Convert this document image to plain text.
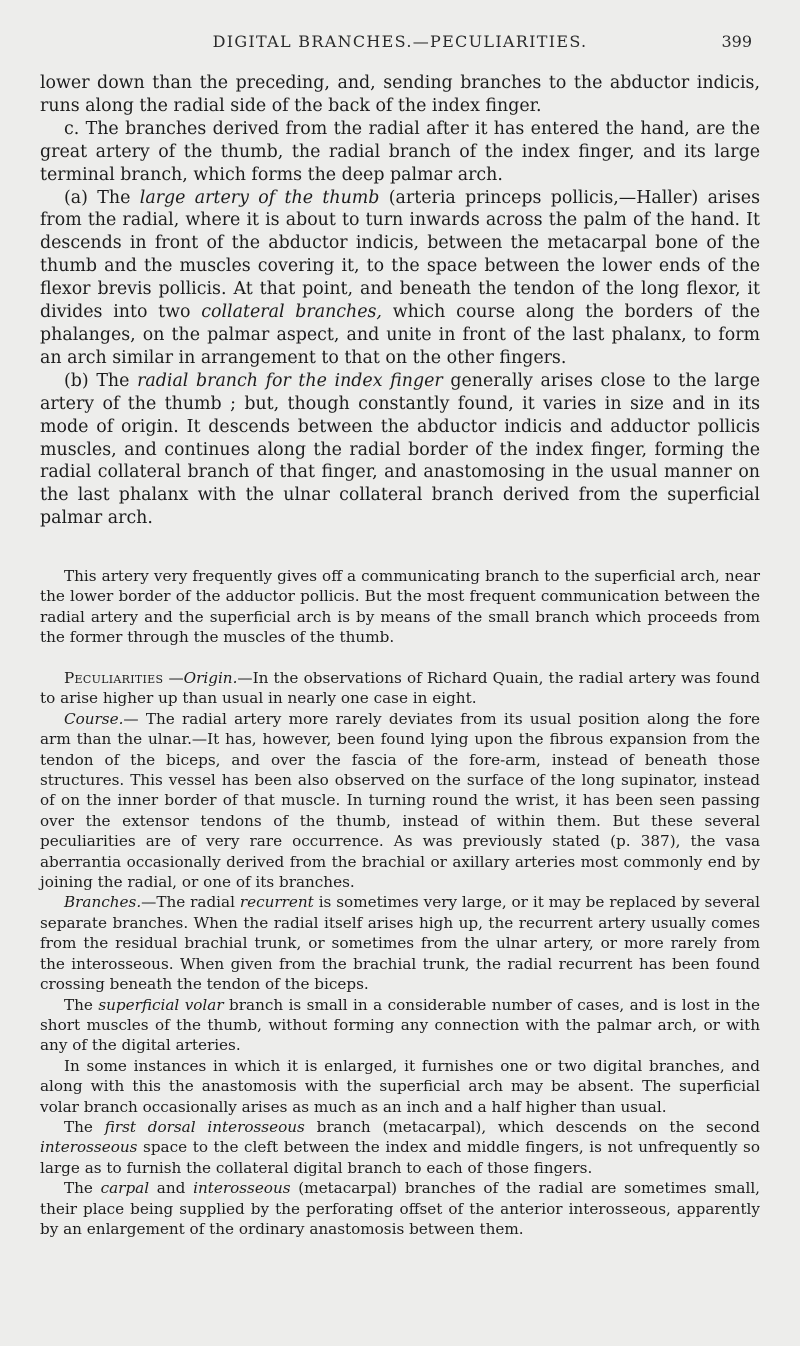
DIGITAL BRANCHES.—PECULIARITIES.	399

lower down than the preceding, and, sending branches to the abductor indicis, runs along the radial side of the back of the index finger.

c. The branches derived from the radial after it has entered the hand, are the great artery of the thumb, the radial branch of the index finger, and its large terminal branch, which forms the deep palmar arch.

(a) The large artery of the thumb (arteria princeps pollicis,—Haller) arises from the radial, where it is about to turn inwards across the palm of the hand. It descends in front of the abductor indicis, between the metacarpal bone of the thumb and the muscles covering it, to the space between the lower ends of the flexor brevis pollicis. At that point, and beneath the tendon of the long flexor, it divides into two collateral branches, which course along the borders of the phalanges, on the palmar aspect, and unite in front of the last phalanx, to form an arch similar in arrangement to that on the other fingers.

(b) The radial branch for the index finger generally arises close to the large artery of the thumb ; but, though constantly found, it varies in size and in its mode of origin. It descends between the abductor indicis and adductor pollicis muscles, and continues along the radial border of the index finger, forming the radial collateral branch of that finger, and anastomosing in the usual manner on the last phalanx with the ulnar collateral branch derived from the superficial palmar arch.

This artery very frequently gives off a communicating branch to the superficial arch, near the lower border of the adductor pollicis. But the most frequent communication between the radial artery and the superficial arch is by means of the small branch which proceeds from the former through the muscles of the thumb.

Peculiarities —Origin.—In the observations of Richard Quain, the radial artery was found to arise higher up than usual in nearly one case in eight.

Course.— The radial artery more rarely deviates from its usual position along the fore arm than the ulnar.—It has, however, been found lying upon the fibrous expansion from the tendon of the biceps, and over the fascia of the fore-arm, instead of beneath those structures. This vessel has been also observed on the surface of the long supinator, instead of on the inner border of that muscle. In turning round the wrist, it has been seen passing over the extensor tendons of the thumb, instead of within them. But these several peculiarities are of very rare occurrence. As was previously stated (p. 387), the vasa aberrantia occasionally derived from the brachial or axillary arteries most commonly end by joining the radial, or one of its branches.

Branches.—The radial recurrent is sometimes very large, or it may be replaced by several separate branches. When the radial itself arises high up, the recurrent artery usually comes from the residual brachial trunk, or sometimes from the ulnar artery, or more rarely from the interosseous. When given from the brachial trunk, the radial recurrent has been found crossing beneath the tendon of the biceps.

The superficial volar branch is small in a considerable number of cases, and is lost in the short muscles of the thumb, without forming any connection with the palmar arch, or with any of the digital arteries.

In some instances in which it is enlarged, it furnishes one or two digital branches, and along with this the anastomosis with the superficial arch may be absent. The superficial volar branch occasionally arises as much as an inch and a half higher than usual.

The first dorsal interosseous branch (metacarpal), which descends on the second interosseous space to the cleft between the index and middle fingers, is not unfrequently so large as to furnish the collateral digital branch to each of those fingers.

The carpal and interosseous (metacarpal) branches of the radial are sometimes small, their place being supplied by the perforating offset of the anterior interosseous, apparently by an enlargement of the ordinary anastomosis between them.
